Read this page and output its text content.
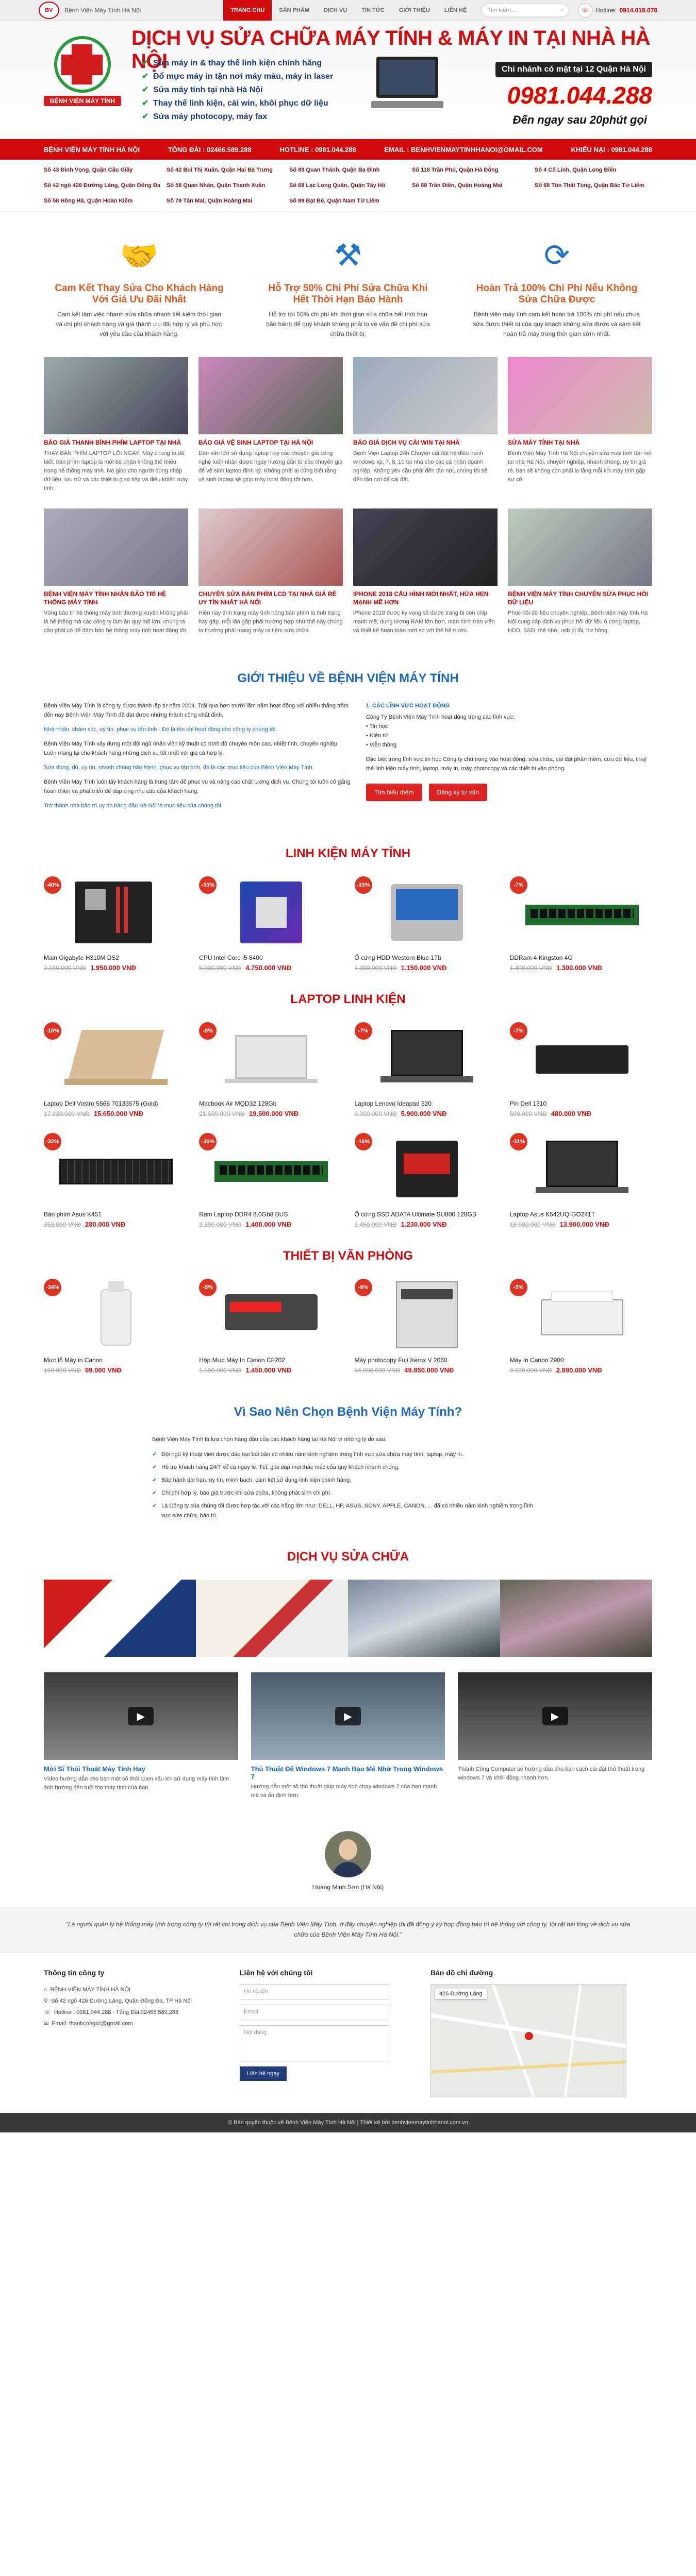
BV	Bệnh Viện Máy Tính Hà Nội	TRANG CHỦ	SẢN PHẨM	DỊCH VỤ	TIN TỨC	GIỚI THIỆU	LIÊN HỆ	Tìm kiếm...	⌕	☏	Hotline: 0914.018.078
BỆNH VIỆN MÁY TÍNH
DỊCH VỤ SỬA CHỮA MÁY TÍNH & MÁY IN TẠI NHÀ HÀ NỘI
✔ Sửa máy in & thay thế linh kiện chính hãng
✔ Đổ mực máy in tận nơi máy màu, máy in laser
✔ Sửa máy tính tại nhà Hà Nội
✔ Thay thế linh kiện, cài win, khôi phục dữ liệu
✔ Sửa máy photocopy, máy fax
Chi nhánh có mặt tại 12 Quận Hà Nội
0981.044.288
Đến ngay sau 20phút gọi
BỆNH VIỆN MÁY TÍNH HÀ NỘI	TỔNG ĐÀI : 02466.589.288	HOTLINE : 0981.044.288	EMAIL : BENHVIENMAYTINHHANOI@GMAIL.COM	KHIẾU NẠI : 0981.044.288
Số 43 Đình Vọng, Quận Cầu Giấy	Số 42 Bùi Thị Xuân, Quận Hai Bà Trưng	Số 89 Quan Thánh, Quận Ba Đình	Số 118 Trần Phú, Quận Hà Đông	Số 4 Cổ Linh, Quận Long Biên
Số 42 ngõ 426 Đường Láng, Quận Đống Đa Số 58 Quan Nhân, Quận Thanh Xuân	Số 68 Lạc Long Quân, Quận Tây Hồ	Số 88 Trần Điền, Quận Hoàng Mai	Số 68 Tôn Thất Tùng, Quận Bắc Từ Liêm
Số 58 Hồng Hà, Quận Hoàn Kiếm	Số 79 Tân Mai, Quận Hoàng Mai	Số 89 Bạt Bê, Quận Nam Từ Liêm
🤝
Cam Kết Thay Sửa Cho Khách Hàng Với Giá Ưu Đãi Nhất

Cam kết làm việc nhanh sửa chữa nhanh tiết kiệm thời gian và chi phí khách hàng và giá thành ưu đãi hợp lý và phù hợp với yêu cầu của khách hàng.

⚒
Hỗ Trợ 50% Chi Phí Sửa Chữa Khi Hết Thời Hạn Bảo Hành

Hỗ trợ tới 50% chi phí khi thời gian sửa chữa hết thời hạn bảo hành để quý khách không phải lo về vấn đề chi phí sửa chữa thiết bị.

⟳
Hoàn Trả 100% Chi Phí Nếu Không Sửa Chữa Được

Bệnh viện máy tính cam kết hoàn trả 100% chi phí nếu chưa sửa được thiết bị của quý khách không sửa được và cam kết hoàn trả máy trong thời gian sớm nhất.

BÁO GIÁ THANH BÌNH PHÍM LAPTOP TẠI NHÀ

THAY BÀN PHÍM LAPTOP LỖI NGAY! Máy chúng ta đã biết, bàn phím laptop là một bộ phận không thể thiếu trong hệ thống máy tính. Nó giúp cho người dùng nhập dữ liệu, lưu trữ và các thiết bị giao tiếp và điều khiển máy tính.

BÁO GIÁ VỆ SINH LAPTOP TẠI HÀ NỘI

Dân văn lớn sử dụng laptop hay các chuyên gia công nghệ luôn nhận được ngay hướng dẫn từ các chuyên gia để vệ sinh laptop định kỳ. Không phải ai cũng biết rằng vệ sinh laptop sẽ giúp máy hoạt động tốt hơn.

BÁO GIÁ DỊCH VỤ CÀI WIN TẠI NHÀ

Bệnh Viện Laptop 24h Chuyên cài đặt hệ điều hành windows xp, 7, 8, 10 tại nhà cho các cá nhân doanh nghiệp. Không yêu cầu phải đến tận nơi, chúng tôi sẽ đến tận nơi để cài đặt.

SỬA MÁY TÍNH TẠI NHÀ

Bệnh Viện Máy Tính Hà Nội chuyên sửa máy tính tận nơi tại nhà Hà Nội, chuyên nghiệp, nhanh chóng, uy tín giá rẻ, bạn sẽ không còn phải lo lắng mỗi khi máy tính gặp sự cố.

BỆNH VIỆN MÁY TÍNH NHẬN BẢO TRÌ HỆ THỐNG MÁY TÍNH

Vòng bảo trì hệ thống máy tính thường xuyên không phải là hệ thống mà các công ty làm ăn quy mô lớn, chúng ta cần phải có để đảm bảo hệ thống máy tính hoạt động tốt.

CHUYÊN SỬA BÀN PHÍM LCD TẠI NHÀ GIÁ RẺ UY TÍN NHẤT HÀ NỘI

Hiện nay tình trạng máy tính hỏng bàn phím là tình trạng hay gặp, mỗi lần gặp phải trường hợp như thế này chúng ta thường phải mang máy ra tiệm sửa chữa.

IPHONE 2018 CẤU HÌNH MỚI NHẤT, HỨA HẸN MẠNH MẼ HƠN

iPhone 2018 được kỳ vọng sẽ được trang bị con chip mạnh mẽ, dung lượng RAM lớn hơn, màn hình tràn viền và thiết kế hoàn toàn mới so với thế hệ trước.

BỆNH VIỆN MÁY TÍNH CHUYÊN SỬA PHỤC HỒI DỮ LIỆU

Phục hồi dữ liệu chuyên nghiệp. Bệnh viện máy tính Hà Nội cung cấp dịch vụ phục hồi dữ liệu ổ cứng laptop, HDD, SSD, thẻ nhớ, usb bị lỗi, hư hỏng.

GIỚI THIỆU VỀ BỆNH VIỆN MÁY TÍNH

Bệnh Viện Máy Tính là công ty được thành lập từ năm 2004. Trải qua hơn mười lăm năm hoạt động với nhiều thăng trầm đến nay Bệnh Viện Máy Tính đã đạt được những thành công nhất định.

Nhờ nhận, chăm sóc, uy tín, phục vụ tận tình - Đó là tôn chỉ hoạt động cho công ty chúng tôi.

Bệnh Viện Máy Tính xây dựng một đội ngũ nhân viên kỹ thuật có trình độ chuyên môn cao, nhiệt tình, chuyên nghiệp. Luôn mang lại cho khách hàng những dịch vụ tốt nhất với giá cả hợp lý.

Sửa đúng, đủ, uy tín, nhanh chóng bảo hành, phục vụ tận tình, đó là các mục tiêu của Bệnh Viện Máy Tính.

Bệnh Viện Máy Tính luôn lấy khách hàng là trung tâm để phục vụ và nâng cao chất lượng dịch vụ. Chúng tôi luôn cố gắng hoàn thiện và phát triển để đáp ứng nhu cầu của khách hàng.

Trở thành nhà bảo trì uy tín hàng đầu Hà Nội là mục tiêu của chúng tôi.

1. CÁC LĨNH VỰC HOẠT ĐỘNG

Công Ty Bệnh Viện Máy Tính hoạt động trong các lĩnh vực:

• Tin học
• Điện tử
• Viễn thông

Đặc biệt trong lĩnh vực tin học Công ty chú trọng vào hoạt động: sửa chữa, cài đặt phần mềm, cứu dữ liệu, thay thế linh kiện máy tính, laptop, máy in, máy photocopy và các thiết bị văn phòng.

Tìm hiểu thêm	Đăng ký tư vấn
LINH KIỆN MÁY TÍNH
-40%
Main Gigabyte H310M DS2
2.150.000 VNĐ 1.950.000 VNĐ
-33%
CPU Intel Core i5 8400
5.000.000 VNĐ 4.750.000 VNĐ
-33%
Ổ cứng HDD Western Blue 1Tb
1.350.000 VNĐ 1.150.000 VNĐ
-7%
DDRam 4 Kingston 4G
1.400.000 VNĐ 1.300.000 VNĐ
LAPTOP LINH KIỆN
-18%
Laptop Dell Vostro 5568 70133575 (Gold)
17.230.000 VNĐ 15.650.000 VNĐ
-9%
Macbook Air MQD32 128Gb
21.500.000 VNĐ 19.500.000 VNĐ
-7%
Laptop Lenovo Ideapad 320
6.300.000 VNĐ 5.900.000 VNĐ
-7%
Pin Dell 1310
500.000 VNĐ 480.000 VNĐ
-32%
Bàn phím Asus K451
350.000 VNĐ 280.000 VNĐ
-36%
Ram Laptop DDR4 8.0Gb8 BUS
2.200.000 VNĐ 1.400.000 VNĐ
-16%
Ổ cứng SSD ADATA Ultimate SU800 128GB
1.450.000 VNĐ 1.230.000 VNĐ
-31%
Laptop Asus K542UQ-GO241T
16.900.000 VNĐ 13.900.000 VNĐ
THIẾT BỊ VĂN PHÒNG
-34%
Mực lỗ Máy in Canon
150.000 VNĐ 99.000 VNĐ
-5%
Hộp Mực Máy In Canon CF202
1.500.000 VNĐ 1.450.000 VNĐ
-8%
Máy photocopy Fuji Xerox V 2060
54.000.000 VNĐ 49.850.000 VNĐ
-5%
Máy In Canon 2900
3.000.000 VNĐ 2.890.000 VNĐ
Vì Sao Nên Chọn Bệnh Viện Máy Tính?

Bệnh Viện Máy Tính là lựa chọn hàng đầu của các khách hàng tại Hà Nội vì những lý do sau:

✔ Đội ngũ kỹ thuật viên được đào tạo bài bản có nhiều năm kinh nghiệm trong lĩnh vực sửa chữa máy tính, laptop, máy in.
✔ Hỗ trợ khách hàng 24/7 kể cả ngày lễ, Tết, giải đáp mọi thắc mắc của quý khách nhanh chóng.
✔ Bảo hành dài hạn, uy tín, minh bạch, cam kết sử dụng linh kiện chính hãng.
✔ Chi phí hợp lý, báo giá trước khi sửa chữa, không phát sinh chi phí.
✔ Là Công ty của chúng tôi được hợp tác với các hãng lớn như: DELL, HP, ASUS, SONY, APPLE, CANON, ... đã có nhiều năm kinh nghiệm trong lĩnh vực sửa chữa, bảo trì.
DỊCH VỤ SỬA CHỮA
▶
Mời Sĩ Thói Thoát Máy Tính Hay

Video hướng dẫn cho bạn một số thói quen xấu khi sử dụng máy tính làm ảnh hưởng đến tuổi thọ máy tính của bạn.

▶
Thủ Thuật Để Windows 7 Mạnh Bạo Mẽ Nhờ Trong Windows 7

Hướng dẫn một số thủ thuật giúp máy tính chạy windows 7 của bạn mạnh mẽ và ổn định hơn.

▶

Thành Công Computer sẽ hướng dẫn cho bạn cách cài đặt thủ thuật trong windows 7 và khởi động nhanh hơn.

Hoàng Minh Sơn (Hà Nội)

"Lá người quản lý hệ thống máy tính trong công ty tôi rất coi trọng dịch vụ của Bệnh Viện Máy Tính, ở đây chuyên nghiệp tôi đã đồng ý ký hợp đồng bảo trì hệ thống với công ty, tôi rất hài lòng về dịch vụ sửa chữa của Bệnh Viện Máy Tính Hà Nội."

Thông tin công ty
⌂ BỆNH VIỆN MÁY TÍNH HÀ NỘI
⚲ Số 42 ngõ 426 Đường Láng, Quận Đống Đa, TP Hà Nội
☏ Hotline : 0981.044.288 - Tổng Đài 02466.589.288
✉ Email: thanhcongcc@gmail.com
Liên hệ với chúng tôi
Họ và tên
Email
Nội dung
Liên hệ ngay
Bản đồ chỉ đường
426 Đường Láng
© Bản quyền thuộc về Bệnh Viện Máy Tính Hà Nội | Thiết kế bởi benhvienmaytinhhanoi.com.vn
